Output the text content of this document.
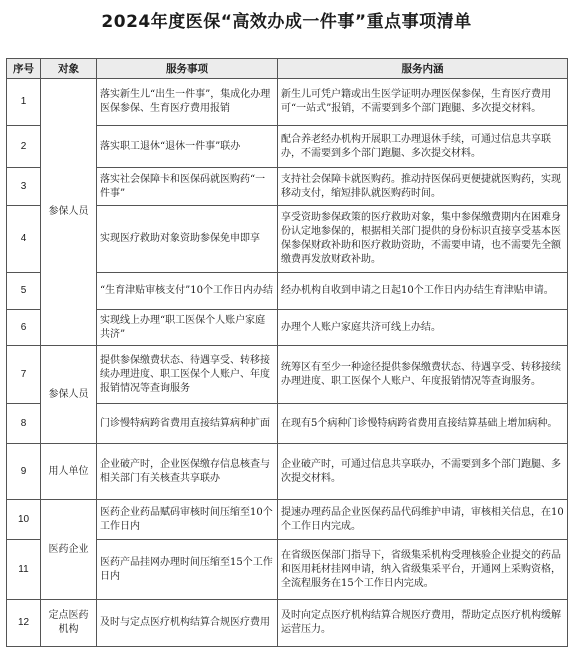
2024年度医保“高效办成一件事”重点事项清单
序号	对象	服务事项	服务内涵
1	参保人员	落实新生儿“出生一件事”，集成化办理医保参保、生育医疗费用报销	新生儿可凭户籍或出生医学证明办理医保参保，生育医疗费用可“一站式”报销，不需要到多个部门跑腿、多次提交材料。
2		落实职工退休“退休一件事”联办	配合养老经办机构开展职工办理退休手续，可通过信息共享联办，不需要到多个部门跑腿、多次提交材料。
3		落实社会保障卡和医保码就医购药“一件事”	支持社会保障卡就医购药。推动持医保码更便捷就医购药，实现移动支付，缩短排队就医购药时间。
4		实现医疗救助对象资助参保免申即享	享受资助参保政策的医疗救助对象，集中参保缴费期内在困难身份认定地参保的，根据相关部门提供的身份标识直接享受基本医保参保财政补助和医疗救助资助，不需要申请，也不需要先全额缴费再发放财政补助。
5		“生育津贴审核支付”10个工作日内办结	经办机构自收到申请之日起10个工作日内办结生育津贴申请。
6		实现线上办理“职工医保个人账户家庭共济”	办理个人账户家庭共济可线上办结。
7	参保人员	提供参保缴费状态、待遇享受、转移接续办理进度、职工医保个人账户、年度报销情况等查询服务	统筹区有至少一种途径提供参保缴费状态、待遇享受、转移接续办理进度、职工医保个人账户、年度报销情况等查询服务。
8		门诊慢特病跨省费用直接结算病种扩面	在现有5个病种门诊慢特病跨省费用直接结算基础上增加病种。
9	用人单位	企业破产时，企业医保缴存信息核查与相关部门有关核查共享联办	企业破产时，可通过信息共享联办，不需要到多个部门跑腿、多次提交材料。
10	医药企业	医药企业药品赋码审核时间压缩至10个工作日内	提速办理药品企业医保药品代码维护申请，审核相关信息，在10个工作日内完成。
11		医药产品挂网办理时间压缩至15个工作日内	在省级医保部门指导下，省级集采机构受理核验企业提交的药品和医用耗材挂网申请，纳入省级集采平台，开通网上采购资格，全流程服务在15个工作日内完成。
12	定点医药机构	及时与定点医疗机构结算合规医疗费用	及时向定点医疗机构结算合规医疗费用，帮助定点医疗机构缓解运营压力。
